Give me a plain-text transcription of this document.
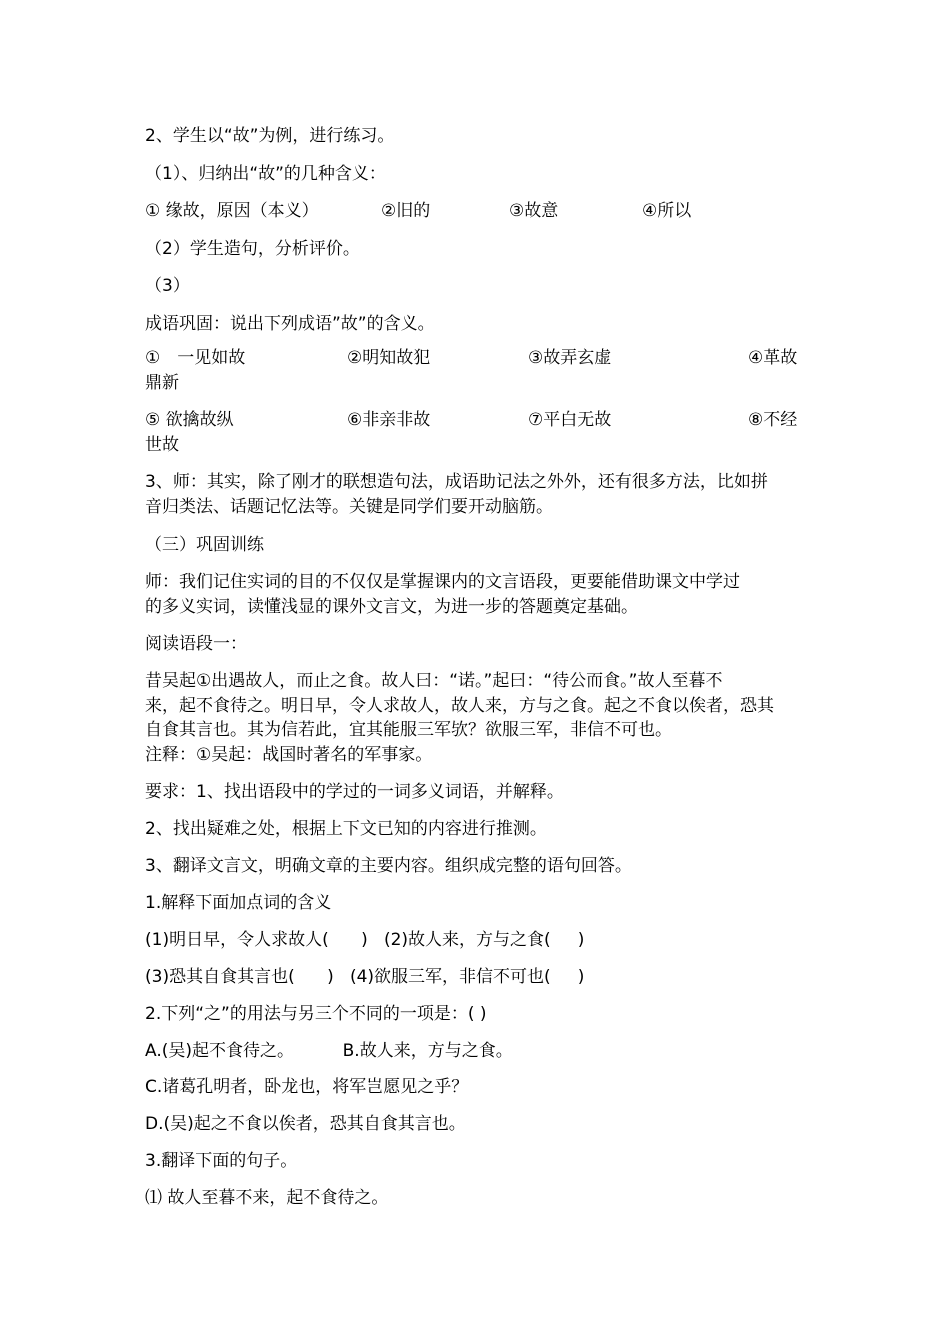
2、学生以“故”为例，进行练习。
（1）、归纳出“故”的几种含义：
① 缘故，原因（本义）	②旧的	③故意	④所以
（2）学生造句，分析评价。
（3）
成语巩固：说出下列成语”故”的含义。
①　一见如故	②明知故犯	③故弄玄虚	④革故
鼎新
⑤ 欲擒故纵	⑥非亲非故	⑦平白无故	⑧不经
世故
3、师：其实，除了刚才的联想造句法，成语助记法之外外，还有很多方法，比如拼
音归类法、话题记忆法等。关键是同学们要开动脑筋。
（三）巩固训练
师：我们记住实词的目的不仅仅是掌握课内的文言语段，更要能借助课文中学过
的多义实词，读懂浅显的课外文言文，为进一步的答题奠定基础。
阅读语段一：
昔吴起①出遇故人，而止之食。故人曰：“诺。”起曰：“待公而食。”故人至暮不
来，起不食待之。明日早，令人求故人，故人来，方与之食。起之不食以俟者，恐其
自食其言也。其为信若此，宜其能服三军欤？欲服三军，非信不可也。
注释：①吴起：战国时著名的军事家。
要求：1、找出语段中的学过的一词多义词语，并解释。
2、找出疑难之处，根据上下文已知的内容进行推测。
3、翻译文言文，明确文章的主要内容。组织成完整的语句回答。
1.解释下面加点词的含义
(1)明日早，令人求故人(      )   (2)故人来，方与之食(     )
(3)恐其自食其言也(      )   (4)欲服三军，非信不可也(     )
2.下列“之”的用法与另三个不同的一项是：( )
A.(吴)起不食待之。         B.故人来，方与之食。
C.诸葛孔明者，卧龙也，将军岂愿见之乎？
D.(吴)起之不食以俟者，恐其自食其言也。
3.翻译下面的句子。
⑴ 故人至暮不来，起不食待之。
